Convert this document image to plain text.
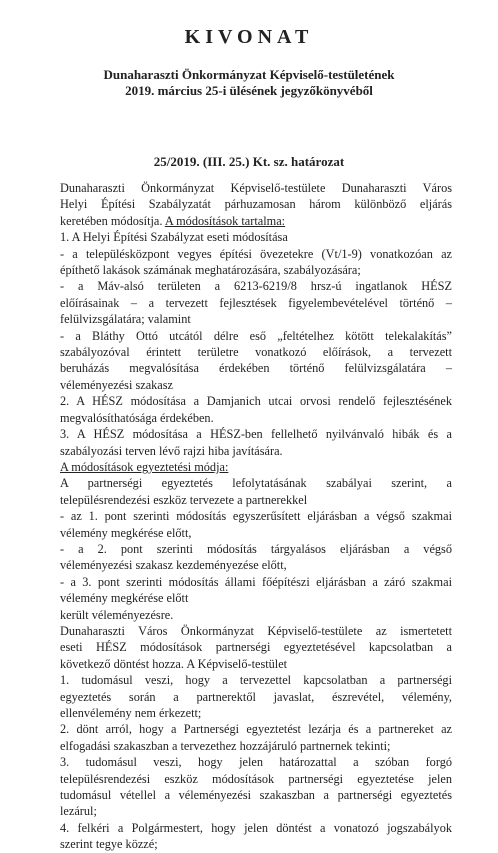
KIVONAT
Dunaharaszti Önkormányzat Képviselő-testületének
2019. március 25-i ülésének jegyzőkönyvéből
25/2019. (III. 25.) Kt. sz. határozat

Dunaharaszti Önkormányzat Képviselő-testülete Dunaharaszti Város

Helyi Építési Szabályzatát párhuzamosan három különböző eljárás

keretében módosítja. A módosítások tartalma:

1. A Helyi Építési Szabályzat eseti módosítása

- a településközpont vegyes építési övezetekre (Vt/1-9) vonatkozóan az

építhető lakások számának meghatározására, szabályozására;

- a Máv-alsó területen a 6213-6219/8 hrsz-ú ingatlanok HÉSZ

előírásainak – a tervezett fejlesztések figyelembevételével történő –

felülvizsgálatára; valamint

- a Bláthy Ottó utcától délre eső „feltételhez kötött telekalakítás”

szabályozóval érintett területre vonatkozó előírások, a tervezett

beruházás megvalósítása érdekében történő felülvizsgálatára –

véleményezési szakasz

2. A HÉSZ módosítása a Damjanich utcai orvosi rendelő fejlesztésének

megvalósíthatósága érdekében.

3. A HÉSZ módosítása a HÉSZ-ben fellelhető nyilvánvaló hibák és a

szabályozási terven lévő rajzi hiba javítására.

A módosítások egyeztetési módja:

A partnerségi egyeztetés lefolytatásának szabályai szerint, a

településrendezési eszköz tervezete a partnerekkel

- az 1. pont szerinti módosítás egyszerűsített eljárásban a végső szakmai

vélemény megkérése előtt,

- a 2. pont szerinti módosítás tárgyalásos eljárásban a végső

véleményezési szakasz kezdeményezése előtt,

- a 3. pont szerinti módosítás állami főépítészi eljárásban a záró szakmai

vélemény megkérése előtt

került véleményezésre.

Dunaharaszti Város Önkormányzat Képviselő-testülete az ismertetett

eseti HÉSZ módosítások partnerségi egyeztetésével kapcsolatban a

következő döntést hozza. A Képviselő-testület

1. tudomásul veszi, hogy a tervezettel kapcsolatban a partnerségi

egyeztetés során a partnerektől javaslat, észrevétel, vélemény,

ellenvélemény nem érkezett;

2. dönt arról, hogy a Partnerségi egyeztetést lezárja és a partnereket az

elfogadási szakaszban a tervezethez hozzájáruló partnernek tekinti;

3. tudomásul veszi, hogy jelen határozattal a szóban forgó

településrendezési eszköz módosítások partnerségi egyeztetése jelen

tudomásul vétellel a véleményezési szakaszban a partnerségi egyeztetés

lezárul;

4. felkéri a Polgármestert, hogy jelen döntést a vonatozó jogszabályok

szerint tegye közzé;
